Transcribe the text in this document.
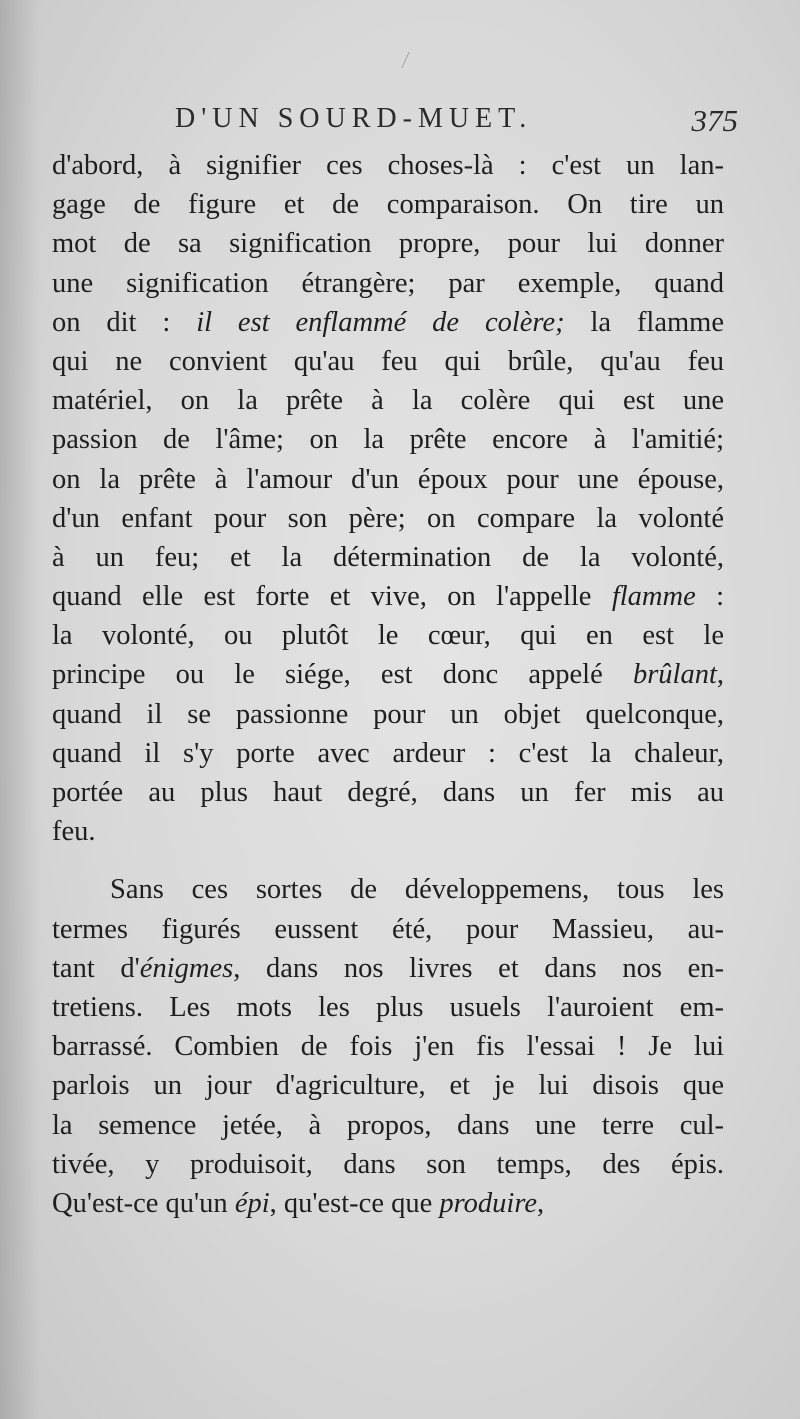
D'UN SOURD-MUET.	375
d'abord, à signifier ces choses-là : c'est un lan-
gage de figure et de comparaison. On tire un
mot de sa signification propre, pour lui donner
une signification étrangère; par exemple, quand
on dit : il est enflammé de colère; la flamme
qui ne convient qu'au feu qui brûle, qu'au feu
matériel, on la prête à la colère qui est une
passion de l'âme; on la prête encore à l'amitié;
on la prête à l'amour d'un époux pour une épouse,
d'un enfant pour son père; on compare la volonté
à un feu; et la détermination de la volonté,
quand elle est forte et vive, on l'appelle flamme :
la volonté, ou plutôt le cœur, qui en est le
principe ou le siége, est donc appelé brûlant,
quand il se passionne pour un objet quelconque,
quand il s'y porte avec ardeur : c'est la chaleur,
portée au plus haut degré, dans un fer mis au
feu.
Sans ces sortes de développemens, tous les
termes figurés eussent été, pour Massieu, au-
tant d'énigmes, dans nos livres et dans nos en-
tretiens. Les mots les plus usuels l'auroient em-
barrassé. Combien de fois j'en fis l'essai ! Je lui
parlois un jour d'agriculture, et je lui disois que
la semence jetée, à propos, dans une terre cul-
tivée, y produisoit, dans son temps, des épis.
Qu'est-ce qu'un épi, qu'est-ce que produire,
